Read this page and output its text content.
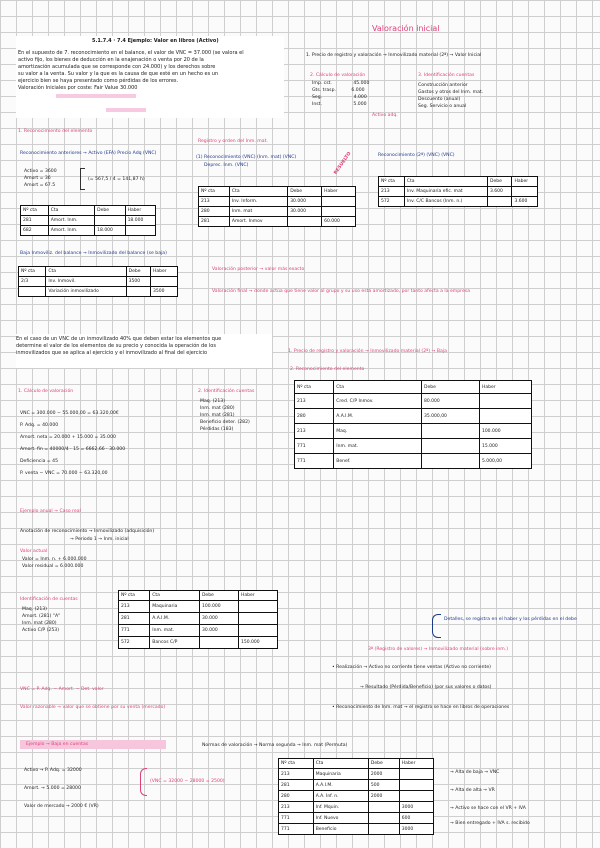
5.1.7.4 · 7.4 Ejemplo: Valor en libros (Activo)
En el supuesto de 7. reconocimiento en el balance, el valor de VNC = 37.000 (se valora el
activo fijo, los bienes de deducción en la enajenación o venta por 20 de la
amortización acumulada que se corresponde con 24.000) y los derechos sobre
su valor a la venta. Su valor y la que es la causa de que esté en un hecho es un
ejercicio bien se haya presentado como pérdidas de los errores.
Valoración Iniciales por coste: Fair Value 30.000
1. Reconocimiento del elemento
Reconocimiento anteriores → Activo (EFA) Precio Adq (VNC)
Activo = 3600
Amort = 36
Amort = 67.5
(= 567,5 / 4 = 141,87 h)
Nº cta	Cta	Debe	Haber
281	Amort. Inm.		18.000
682	Amort. Inm.	18.000	
Baja Inmoviliz. del balance → Inmovilizado del balance (se baja)
Nº cta	Cta	Debe	Haber
2/3	Inv. Inmovil.	3500	
	Variación inmovilizado		3500
Registro y orden del Inm. mat.
(1) Reconocimiento (VNC) (Inm. mat) (VNC)
Deprec. Inm. (VNC)	RESUELTO
Nº cta	Cta	Debe	Haber
213	Inv. Inform.	30.000	
280	Inm. mat	30.000	
281	Amort. Inmov		60.000
Valoración inicial
1. Precio de registro y valoración → Inmovilizado material (2ª) → Valor Inicial
2. Cálculo de valoración
Imp. cst.	45.000
Gts. trasp.	6.000
Seg.	4.000
Inst.	5.000
Activo adq.
3. Identificación cuentas
Construcción anterior
Gastos y otros del Inm. mat.
Descuento (anual)
Seg. Servicio o anual
Reconocimiento (2ª) (VNC) (VNC)
Nº cta	Cta	Debe	Haber
213	Inv. Maquinaria efic. mat	3.600	
572	Inv. C/C Bancos (Inm. n.)		3.600
Valoración posterior → valor más exacto
Valoración final → donde actúa que tiene valor al grupo y su uso está amortizado, por tanto afecta a la empresa
En el caso de un VNC de un inmovilizado 40% que deben estar los elementos que
determine el valor de los elementos de su precio y conocida la operación de los
inmovilizados que se aplica al ejercicio y el inmovilizado al final del ejercicio
1. Cálculo de valoración
VNC = 300.000 − 55.000,00 = 63.320,00€
P. Adq. = 40.000
Amort. neta = 20.000 + 15.000 = 35.000
Amort. fin = 40000/4 · 15 = 6662,66 · 30.000
Deficiencia = 45
P. venta − VNC = 70.000 − 63.320,00
2. Identificación cuentas
Maq. (213)
Inm. mat (280)
Inm. mat (281)
Beneficio deter. (282)
Pérdidas (183)
1. Precio de registro y valoración → Inmovilizado material (2ª) → Baja
2. Reconocimiento del elemento
Nº cta	Cta	Debe	Haber
213	Cred. C/P Inmov.	80.000	
280	A.A.I.M.	35.000,00	
213	Maq.		100.000
771	Inm. mat.		15.000
771	Benef.		5.000,00
Ejemplo anual → Caso real
Anotación de reconocimiento → Inmovilizado (adquisición)
→ Periodo 1 → Inm. inicial
Valor actual
Valor = Inm. n. + 6.000.000
Valor residual = 6.000.000
Identificación de cuentas
Maq. (213)
Amort. (281) "A"
Inm. mat (280)
Activo C/P (253)
Nº cta	Cta	Debe	Haber
213	Maquinaria	100.000	
281	A.A.I.M.	30.000	
771	Inm. mat.	30.000	
572	Bancos C/P		150.000
VNC = P. Adq. − Amort. − Det. valor
Valor razonable → valor que se obtiene por su venta (mercado)
Detalles, se registra en el haber y los pérdidas en el debe
3ª (Registro de valores) → Inmovilizado material (sobre inm.)
• Realización → Activo no corriente tiene ventas (Activo no corriente)
→ Resultado (Pérdida/Beneficio) (por sus valores o datos)
• Reconocimiento de Inm. mat → el registro se hace en libros de operaciones
Ejemplo → Baja en cuentas	Normas de valoración → Norma segunda → Inm. mat (Permuta)
Activo → P. Adq. = 32000
Amort. → 5.000 = 28000
Valor de mercado → 2000 € (VR)
(VNC = 32000 − 28000 = 2500)
Nº cta	Cta	Debe	Haber
213	Maquinaria	2000	
281	A.A.I.M.	500	
280	A.A. Inf. n.	2000	
213	Inf. Mquin.		3000
771	Inf. Nuevo		600
771	Beneficio		3000
→ Alta de baja → VNC
→ Alta de alta → VR
→ Activo se hace con el VR + IVA
→ Bien entregado + IVA s. recibido
